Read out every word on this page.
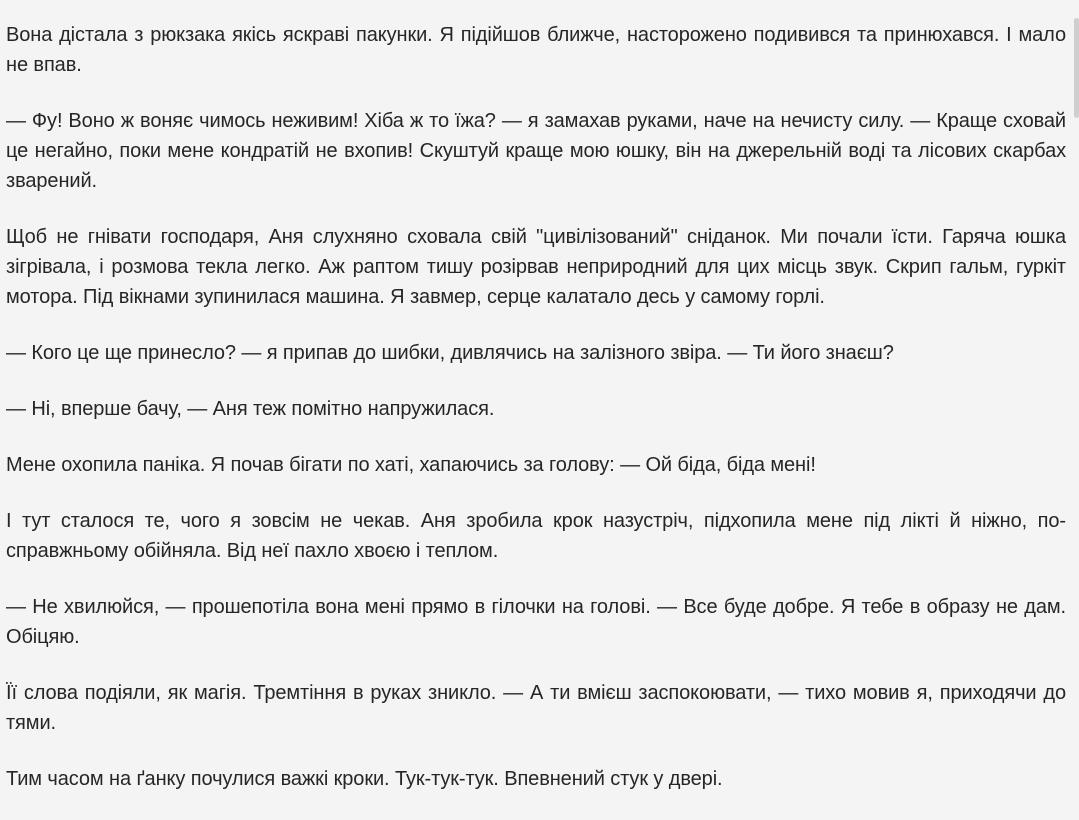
Вона дістала з рюкзака якісь яскраві пакунки. Я підійшов ближче, настороженo подивився та принюхався. І мало не впав.

— Фу! Воно ж воняє чимось неживим! Хіба ж то їжа? — я замахав руками, наче на нечисту силу. — Краще сховай це негайно, поки мене кондратій не вхопив! Скуштуй краще мою юшку, він на джерельній воді та лісових скарбах зварений.

Щоб не гнівати господаря, Аня слухняно сховала свій "цивілізований" сніданок. Ми почали їсти. Гаряча юшка зігрівала, і розмова текла легко. Аж раптом тишу розірвав неприродний для цих місць звук. Скрип гальм, гуркіт мотора. Під вікнами зупинилася машина. Я завмер, серце калатало десь у самому горлі.

— Кого це ще принесло? — я припав до шибки, дивлячись на залізного звіра. — Ти його знаєш?

— Ні, вперше бачу, — Аня теж помітно напружилася.

Мене охопила паніка. Я почав бігати по хаті, хапаючись за голову: — Ой біда, біда мені!

І тут сталося те, чого я зовсім не чекав. Аня зробила крок назустріч, підхопила мене під лікті й ніжно, по-справжньому обійняла. Від неї пахло хвоєю і теплом.

— Не хвилюйся, — прошепотіла вона мені прямо в гілочки на голові. — Все буде добре. Я тебе в образу не дам. Обіцяю.

Її слова подіяли, як магія. Тремтіння в руках зникло. — А ти вмієш заспокоювати, — тихо мовив я, приходячи до тями.

Тим часом на ґанку почулися важкі кроки. Тук-тук-тук. Впевнений стук у двері.
